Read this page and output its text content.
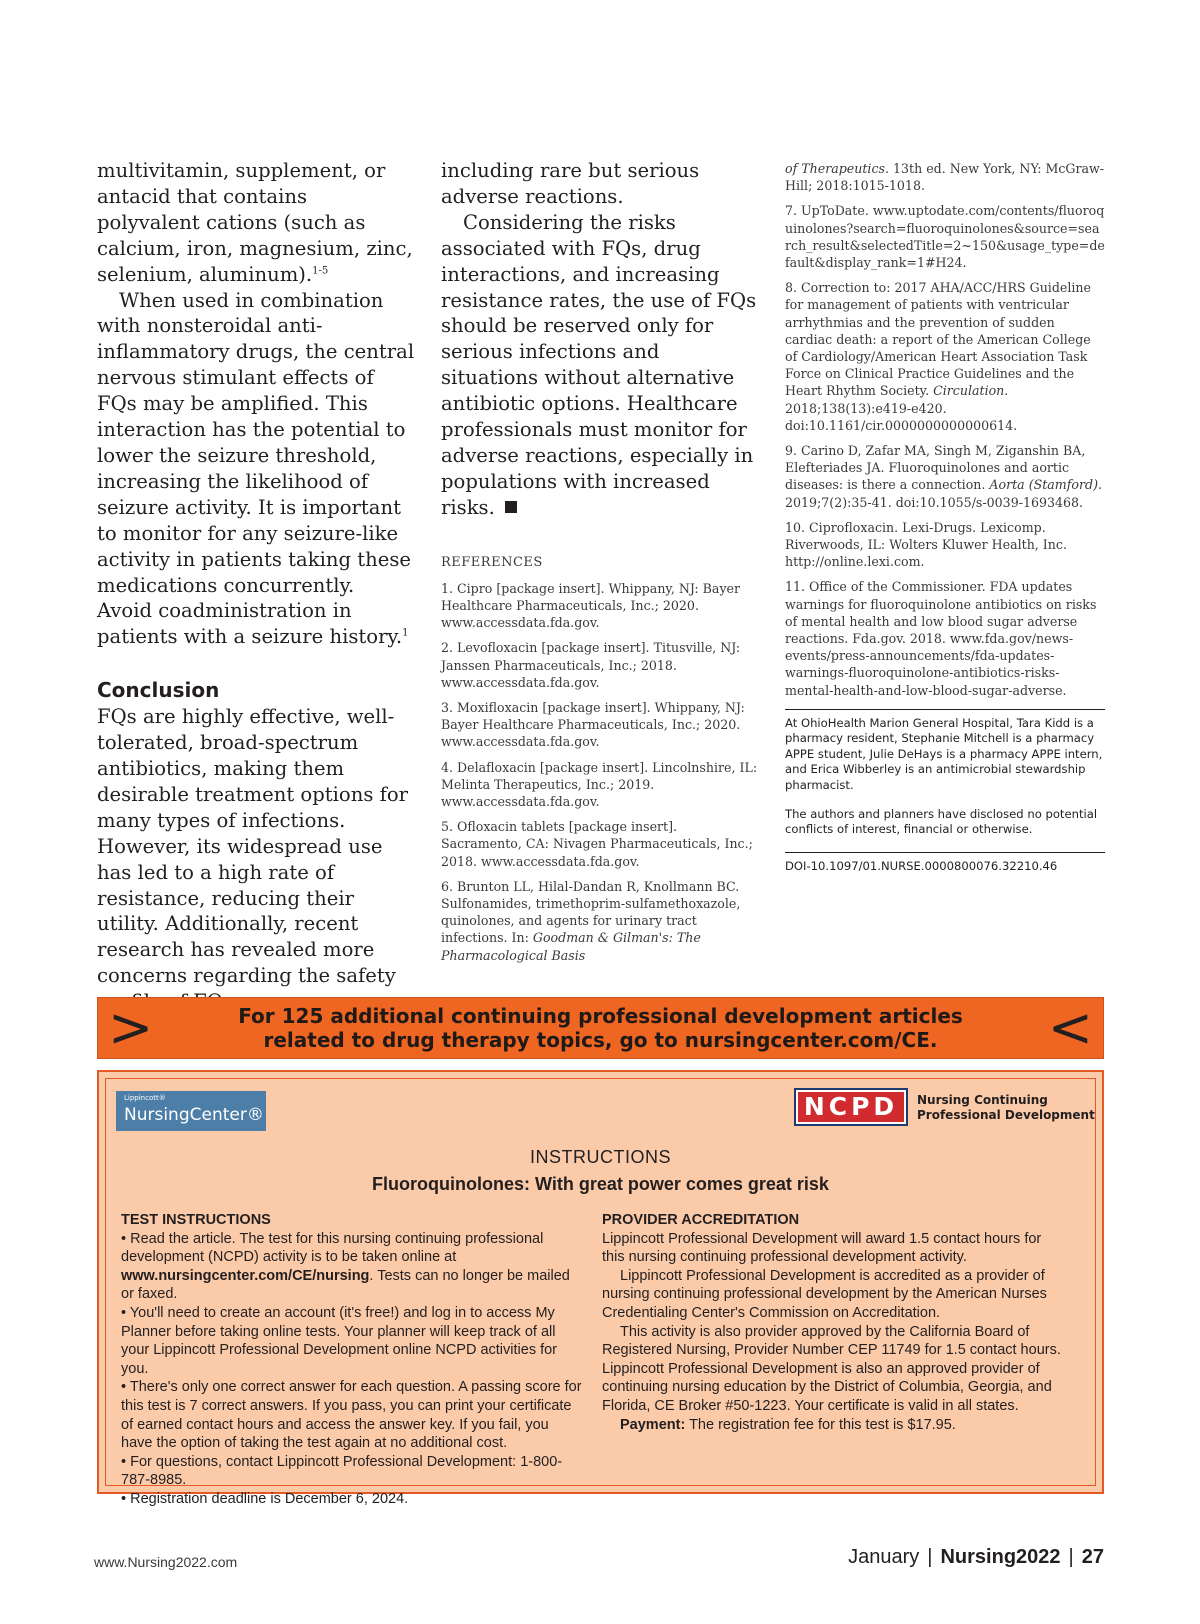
multivitamin, supplement, or antacid that contains polyvalent cations (such as calcium, iron, magnesium, zinc, selenium, aluminum).$^{1-5}$

When used in combination with nonsteroidal anti-inflammatory drugs, the central nervous stimulant effects of FQs may be amplified. This interaction has the potential to lower the seizure threshold, increasing the likelihood of seizure activity. It is important to monitor for any seizure-like activity in patients taking these medications concurrently. Avoid coadministration in patients with a seizure history.$^1$

Conclusion

FQs are highly effective, well-tolerated, broad-spectrum antibiotics, making them desirable treatment options for many types of infections. However, its widespread use has led to a high rate of resistance, reducing their utility. Additionally, recent research has revealed more concerns regarding the safety

including rare but serious adverse reactions.

Considering the risks associated with FQs, drug interactions, and increasing resistance rates, the use of FQs should be reserved only for serious infections and situations without alternative antibiotic options. Healthcare professionals must monitor for adverse reactions, especially in populations with increased risks.

REFERENCES

1. Cipro [package insert]. Whippany, NJ: Bayer Healthcare Pharmaceuticals, Inc.; 2020. www.accessdata.fda.gov.

2. Levofloxacin [package insert]. Titusville, NJ: Janssen Pharmaceuticals, Inc.; 2018. www.accessdata.fda.gov.

3. Moxifloxacin [package insert]. Whippany, NJ: Bayer Healthcare Pharmaceuticals, Inc.; 2020. www.accessdata.fda.gov.

4. Delafloxacin [package insert]. Lincolnshire, IL: Melinta Therapeutics, Inc.; 2019. www.accessdata.fda.gov.

5. Ofloxacin tablets [package insert]. Sacramento, CA: Nivagen Pharmaceuticals, Inc.; 2018. www.accessdata.fda.gov.

6. Brunton LL, Hilal-Dandan R, Knollmann BC. Sulfonamides, trimethoprim-sulfamethoxazole, quinolones, and agents for urinary tract infections. In: Goodman & Gilman's: The Pharmacological Basis

of Therapeutics. 13th ed. New York, NY: McGraw-Hill; 2018:1015-1018.

7. UpToDate. www.uptodate.com/contents/fluoroquinolones?search=fluoroquinolones&source=search_result&selectedTitle=2~150&usage_type=default&display_rank=1#H24.

8. Correction to: 2017 AHA/ACC/HRS Guideline for management of patients with ventricular arrhythmias and the prevention of sudden cardiac death: a report of the American College of Cardiology/American Heart Association Task Force on Clinical Practice Guidelines and the Heart Rhythm Society. Circulation. 2018;138(13):e419-e420. doi:10.1161/cir.0000000000000614.

9. Carino D, Zafar MA, Singh M, Ziganshin BA, Elefteriades JA. Fluoroquinolones and aortic diseases: is there a connection. Aorta (Stamford). 2019;7(2):35-41. doi:10.1055/s-0039-1693468.

10. Ciprofloxacin. Lexi-Drugs. Lexicomp. Riverwoods, IL: Wolters Kluwer Health, Inc. http://online.lexi.com.

11. Office of the Commissioner. FDA updates warnings for fluoroquinolone antibiotics on risks of mental health and low blood sugar adverse reactions. Fda.gov. 2018. www.fda.gov/news-events/press-announcements/fda-updates-warnings-fluoroquinolone-antibiotics-risks-mental-health-and-low-blood-sugar-adverse.

At OhioHealth Marion General Hospital, Tara Kidd is a pharmacy resident, Stephanie Mitchell is a pharmacy APPE student, Julie DeHays is a pharmacy APPE intern, and Erica Wibberley is an antimicrobial stewardship pharmacist.

The authors and planners have disclosed no potential conflicts of interest, financial or otherwise.

DOI-10.1097/01.NURSE.0000800076.32210.46
>	For 125 additional continuing professional development articles related to drug therapy topics, go to nursingcenter.com/CE.	<
Lippincott®
NursingCenter®	NCPD	Nursing Continuing Professional Development
INSTRUCTIONS
Fluoroquinolones: With great power comes great risk
TEST INSTRUCTIONS

• Read the article. The test for this nursing continuing professional development (NCPD) activity is to be taken online at www.nursingcenter.com/CE/nursing. Tests can no longer be mailed or faxed.

• You'll need to create an account (it's free!) and log in to access My Planner before taking online tests. Your planner will keep track of all your Lippincott Professional Development online NCPD activities for you.

• There's only one correct answer for each question. A passing score for this test is 7 correct answers. If you pass, you can print your certificate of earned contact hours and access the answer key. If you fail, you have the option of taking the test again at no additional cost.

• For questions, contact Lippincott Professional Development: 1-800-787-8985.

• Registration deadline is December 6, 2024.

PROVIDER ACCREDITATION

Lippincott Professional Development will award 1.5 contact hours for this nursing continuing professional development activity.

Lippincott Professional Development is accredited as a provider of nursing continuing professional development by the American Nurses Credentialing Center's Commission on Accreditation.

This activity is also provider approved by the California Board of Registered Nursing, Provider Number CEP 11749 for 1.5 contact hours. Lippincott Professional Development is also an approved provider of continuing nursing education by the District of Columbia, Georgia, and Florida, CE Broker #50-1223. Your certificate is valid in all states.

Payment: The registration fee for this test is $17.95.

www.Nursing2022.com	January | Nursing2022 | 27
